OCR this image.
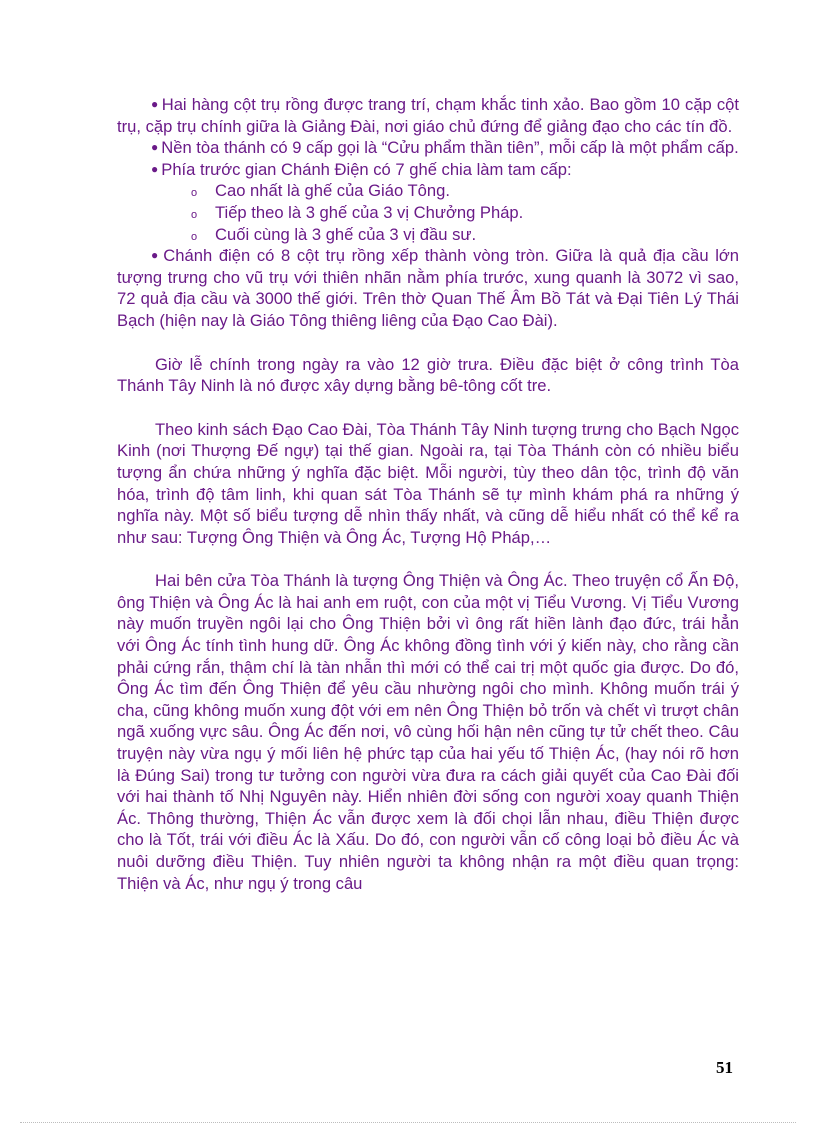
● Hai hàng cột trụ rồng được trang trí, chạm khắc tinh xảo. Bao gồm 10 cặp cột trụ, cặp trụ chính giữa là Giảng Đài, nơi giáo chủ đứng để giảng đạo cho các tín đồ.

● Nền tòa thánh có 9 cấp gọi là “Cửu phẩm thần tiên”, mỗi cấp là một phẩm cấp.

● Phía trước gian Chánh Điện có 7 ghế chia làm tam cấp:

o Cao nhất là ghế của Giáo Tông.

o Tiếp theo là 3 ghế của 3 vị Chưởng Pháp.

o Cuối cùng là 3 ghế của 3 vị đầu sư.

● Chánh điện có 8 cột trụ rồng xếp thành vòng tròn. Giữa là quả địa cầu lớn tượng trưng cho vũ trụ với thiên nhãn nằm phía trước, xung quanh là 3072 vì sao, 72 quả địa cầu và 3000 thế giới. Trên thờ Quan Thế Âm Bồ Tát và Đại Tiên Lý Thái Bạch (hiện nay là Giáo Tông thiêng liêng của Đạo Cao Đài).

Giờ lễ chính trong ngày ra vào 12 giờ trưa. Điều đặc biệt ở công trình Tòa Thánh Tây Ninh là nó được xây dựng bằng bê-tông cốt tre.

Theo kinh sách Đạo Cao Đài, Tòa Thánh Tây Ninh tượng trưng cho Bạch Ngọc Kinh (nơi Thượng Đế ngự) tại thế gian. Ngoài ra, tại Tòa Thánh còn có nhiều biểu tượng ẩn chứa những ý nghĩa đặc biệt. Mỗi người, tùy theo dân tộc, trình độ văn hóa, trình độ tâm linh, khi quan sát Tòa Thánh sẽ tự mình khám phá ra những ý nghĩa này. Một số biểu tượng dễ nhìn thấy nhất, và cũng dễ hiểu nhất có thể kể ra như sau: Tượng Ông Thiện và Ông Ác, Tượng Hộ Pháp,…

Hai bên cửa Tòa Thánh là tượng Ông Thiện và Ông Ác. Theo truyện cổ Ấn Độ, ông Thiện và Ông Ác là hai anh em ruột, con của một vị Tiểu Vương. Vị Tiểu Vương này muốn truyền ngôi lại cho Ông Thiện bởi vì ông rất hiền lành đạo đức, trái hẳn với Ông Ác tính tình hung dữ. Ông Ác không đồng tình với ý kiến này, cho rằng cần phải cứng rắn, thậm chí là tàn nhẫn thì mới có thể cai trị một quốc gia được. Do đó, Ông Ác tìm đến Ông Thiện để yêu cầu nhường ngôi cho mình. Không muốn trái ý cha, cũng không muốn xung đột với em nên Ông Thiện bỏ trốn và chết vì trượt chân ngã xuống vực sâu. Ông Ác đến nơi, vô cùng hối hận nên cũng tự tử chết theo. Câu truyện này vừa ngụ ý mối liên hệ phức tạp của hai yếu tố Thiện Ác, (hay nói rõ hơn là Đúng Sai) trong tư tưởng con người vừa đưa ra cách giải quyết của Cao Đài đối với hai thành tố Nhị Nguyên này. Hiển nhiên đời sống con người xoay quanh Thiện Ác. Thông thường, Thiện Ác vẫn được xem là đối chọi lẫn nhau, điều Thiện được cho là Tốt, trái với điều Ác là Xấu. Do đó, con người vẫn cố công loại bỏ điều Ác và nuôi dưỡng điều Thiện. Tuy nhiên người ta không nhận ra một điều quan trọng: Thiện và Ác, như ngụ ý trong câu

51
